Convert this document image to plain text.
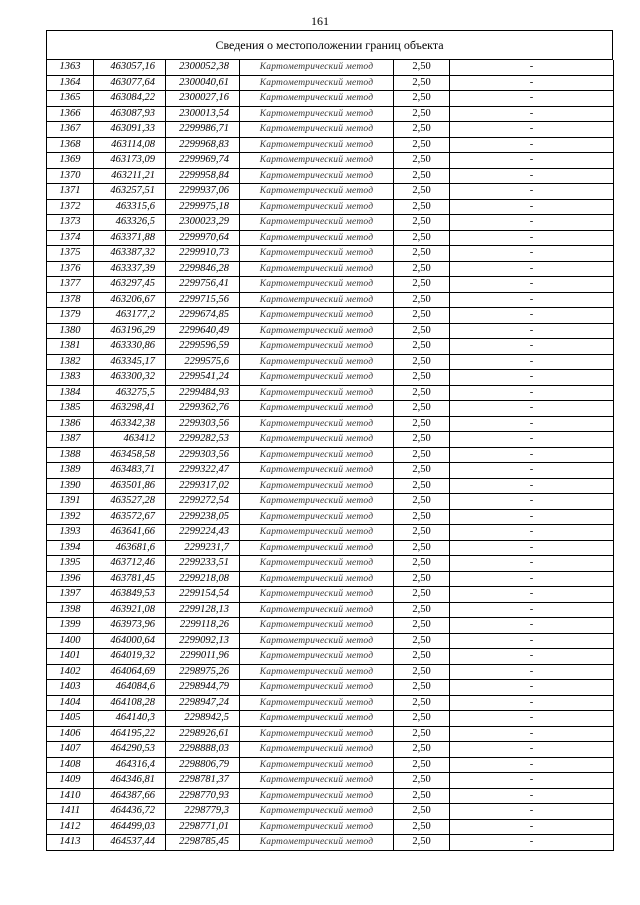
161
Сведения о местоположении границ объекта
1363	463057,16	2300052,38	Картометрический метод	2,50	-
1364	463077,64	2300040,61	Картометрический метод	2,50	-
1365	463084,22	2300027,16	Картометрический метод	2,50	-
1366	463087,93	2300013,54	Картометрический метод	2,50	-
1367	463091,33	2299986,71	Картометрический метод	2,50	-
1368	463114,08	2299968,83	Картометрический метод	2,50	-
1369	463173,09	2299969,74	Картометрический метод	2,50	-
1370	463211,21	2299958,84	Картометрический метод	2,50	-
1371	463257,51	2299937,06	Картометрический метод	2,50	-
1372	463315,6	2299975,18	Картометрический метод	2,50	-
1373	463326,5	2300023,29	Картометрический метод	2,50	-
1374	463371,88	2299970,64	Картометрический метод	2,50	-
1375	463387,32	2299910,73	Картометрический метод	2,50	-
1376	463337,39	2299846,28	Картометрический метод	2,50	-
1377	463297,45	2299756,41	Картометрический метод	2,50	-
1378	463206,67	2299715,56	Картометрический метод	2,50	-
1379	463177,2	2299674,85	Картометрический метод	2,50	-
1380	463196,29	2299640,49	Картометрический метод	2,50	-
1381	463330,86	2299596,59	Картометрический метод	2,50	-
1382	463345,17	2299575,6	Картометрический метод	2,50	-
1383	463300,32	2299541,24	Картометрический метод	2,50	-
1384	463275,5	2299484,93	Картометрический метод	2,50	-
1385	463298,41	2299362,76	Картометрический метод	2,50	-
1386	463342,38	2299303,56	Картометрический метод	2,50	-
1387	463412	2299282,53	Картометрический метод	2,50	-
1388	463458,58	2299303,56	Картометрический метод	2,50	-
1389	463483,71	2299322,47	Картометрический метод	2,50	-
1390	463501,86	2299317,02	Картометрический метод	2,50	-
1391	463527,28	2299272,54	Картометрический метод	2,50	-
1392	463572,67	2299238,05	Картометрический метод	2,50	-
1393	463641,66	2299224,43	Картометрический метод	2,50	-
1394	463681,6	2299231,7	Картометрический метод	2,50	-
1395	463712,46	2299233,51	Картометрический метод	2,50	-
1396	463781,45	2299218,08	Картометрический метод	2,50	-
1397	463849,53	2299154,54	Картометрический метод	2,50	-
1398	463921,08	2299128,13	Картометрический метод	2,50	-
1399	463973,96	2299118,26	Картометрический метод	2,50	-
1400	464000,64	2299092,13	Картометрический метод	2,50	-
1401	464019,32	2299011,96	Картометрический метод	2,50	-
1402	464064,69	2298975,26	Картометрический метод	2,50	-
1403	464084,6	2298944,79	Картометрический метод	2,50	-
1404	464108,28	2298947,24	Картометрический метод	2,50	-
1405	464140,3	2298942,5	Картометрический метод	2,50	-
1406	464195,22	2298926,61	Картометрический метод	2,50	-
1407	464290,53	2298888,03	Картометрический метод	2,50	-
1408	464316,4	2298806,79	Картометрический метод	2,50	-
1409	464346,81	2298781,37	Картометрический метод	2,50	-
1410	464387,66	2298770,93	Картометрический метод	2,50	-
1411	464436,72	2298779,3	Картометрический метод	2,50	-
1412	464499,03	2298771,01	Картометрический метод	2,50	-
1413	464537,44	2298785,45	Картометрический метод	2,50	-
